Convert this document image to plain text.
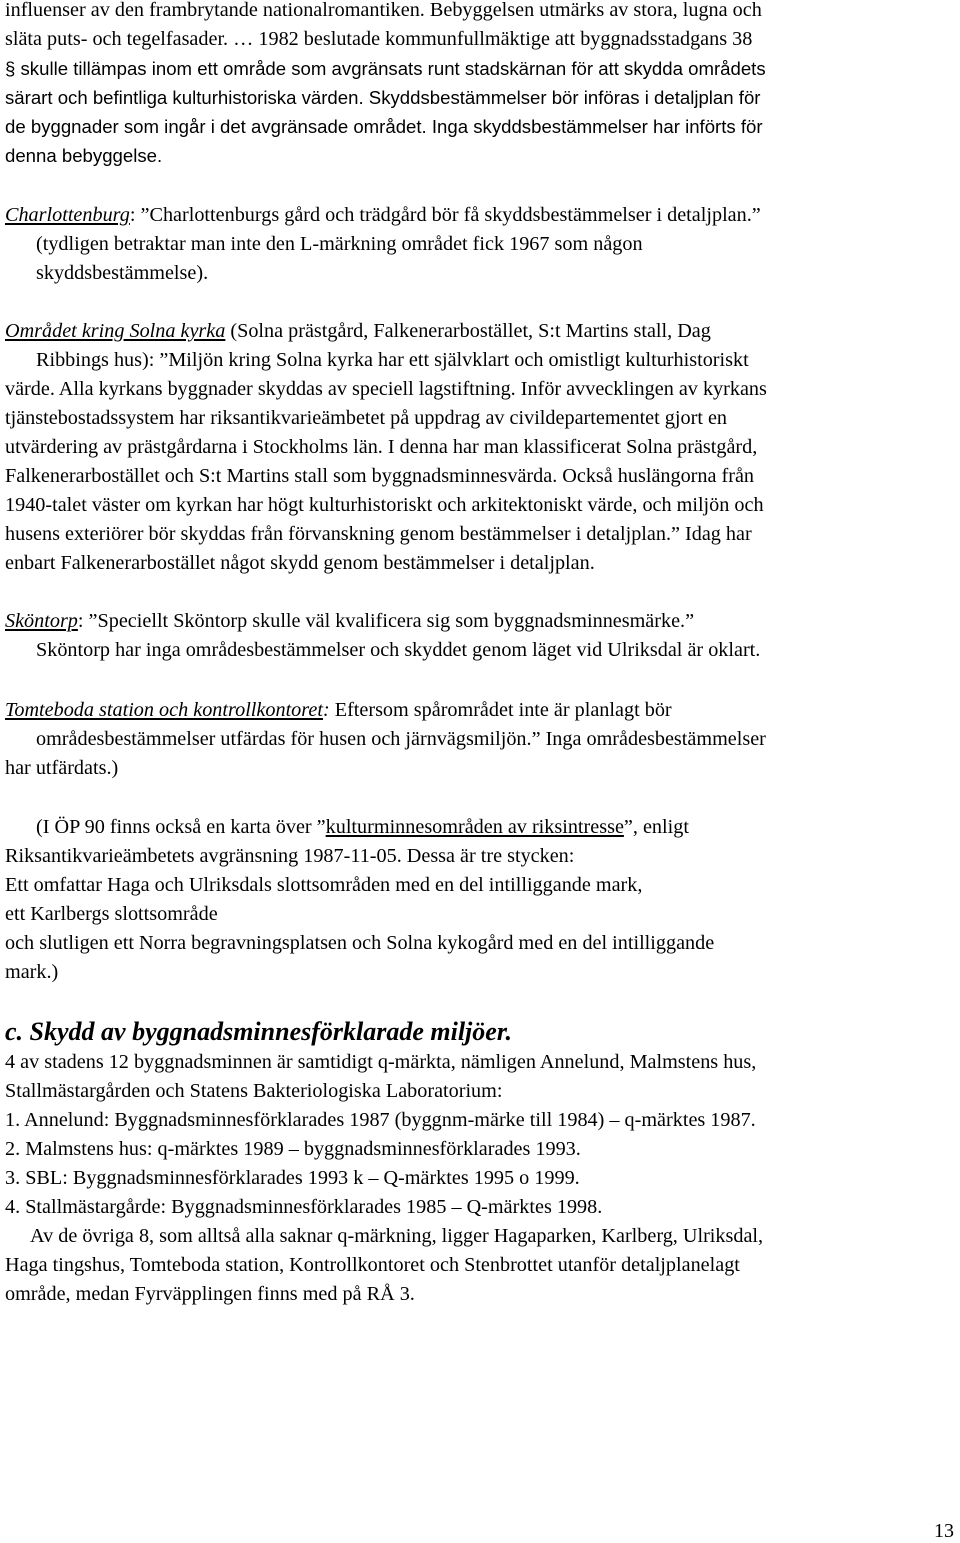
influenser av den frambrytande nationalromantiken. Bebyggelsen utmärks av stora, lugna och
släta puts- och tegelfasader. … 1982 beslutade kommunfullmäktige att byggnadsstadgans 38
§ skulle tillämpas inom ett område som avgränsats runt stadskärnan för att skydda områdets
särart och befintliga kulturhistoriska värden. Skyddsbestämmelser bör införas i detaljplan för
de byggnader som ingår i det avgränsade området. Inga skyddsbestämmelser har införts för
denna bebyggelse.
Charlottenburg: ”Charlottenburgs gård och trädgård bör få skyddsbestämmelser i detaljplan.”
(tydligen betraktar man inte den L-märkning området fick 1967 som någon
skyddsbestämmelse).
Området kring Solna kyrka (Solna prästgård, Falkenerarbostället, S:t Martins stall, Dag
Ribbings hus): ”Miljön kring Solna kyrka har ett självklart och omistligt kulturhistoriskt
värde. Alla kyrkans byggnader skyddas av speciell lagstiftning. Inför avvecklingen av kyrkans
tjänstebostadssystem har riksantikvarieämbetet på uppdrag av civildepartementet gjort en
utvärdering av prästgårdarna i Stockholms län. I denna har man klassificerat Solna prästgård,
Falkenerarbostället och S:t Martins stall som byggnadsminnesvärda. Också huslängorna från
1940-talet väster om kyrkan har högt kulturhistoriskt och arkitektoniskt värde, och miljön och
husens exteriörer bör skyddas från förvanskning genom bestämmelser i detaljplan.” Idag har
enbart Falkenerarbostället något skydd genom bestämmelser i detaljplan.
Sköntorp: ”Speciellt Sköntorp skulle väl kvalificera sig som byggnadsminnesmärke.”
Sköntorp har inga områdesbestämmelser och skyddet genom läget vid Ulriksdal är oklart.
Tomteboda station och kontrollkontoret: Eftersom spårområdet inte är planlagt bör
områdesbestämmelser utfärdas för husen och järnvägsmiljön.” Inga områdesbestämmelser
har utfärdats.)
(I ÖP 90 finns också en karta över ”kulturminnesområden av riksintresse”, enligt
Riksantikvarieämbetets avgränsning 1987-11-05. Dessa är tre stycken:
Ett omfattar Haga och Ulriksdals slottsområden med en del intilliggande mark,
ett Karlbergs slottsområde
och slutligen ett Norra begravningsplatsen och Solna kykogård med en del intilliggande
mark.)
c. Skydd av byggnadsminnesförklarade miljöer.
4 av stadens 12 byggnadsminnen är samtidigt q-märkta, nämligen Annelund, Malmstens hus,
Stallmästargården och Statens Bakteriologiska Laboratorium:
1. Annelund: Byggnadsminnesförklarades 1987 (byggnm-märke till 1984) – q-märktes 1987.
2. Malmstens hus: q-märktes 1989 – byggnadsminnesförklarades 1993.
3. SBL: Byggnadsminnesförklarades 1993 k – Q-märktes 1995 o 1999.
4. Stallmästargårde: Byggnadsminnesförklarades 1985 – Q-märktes 1998.
Av de övriga 8, som alltså alla saknar q-märkning, ligger Hagaparken, Karlberg, Ulriksdal,
Haga tingshus, Tomteboda station, Kontrollkontoret och Stenbrottet utanför detaljplanelagt
område, medan Fyrväpplingen finns med på RÅ 3.
13
